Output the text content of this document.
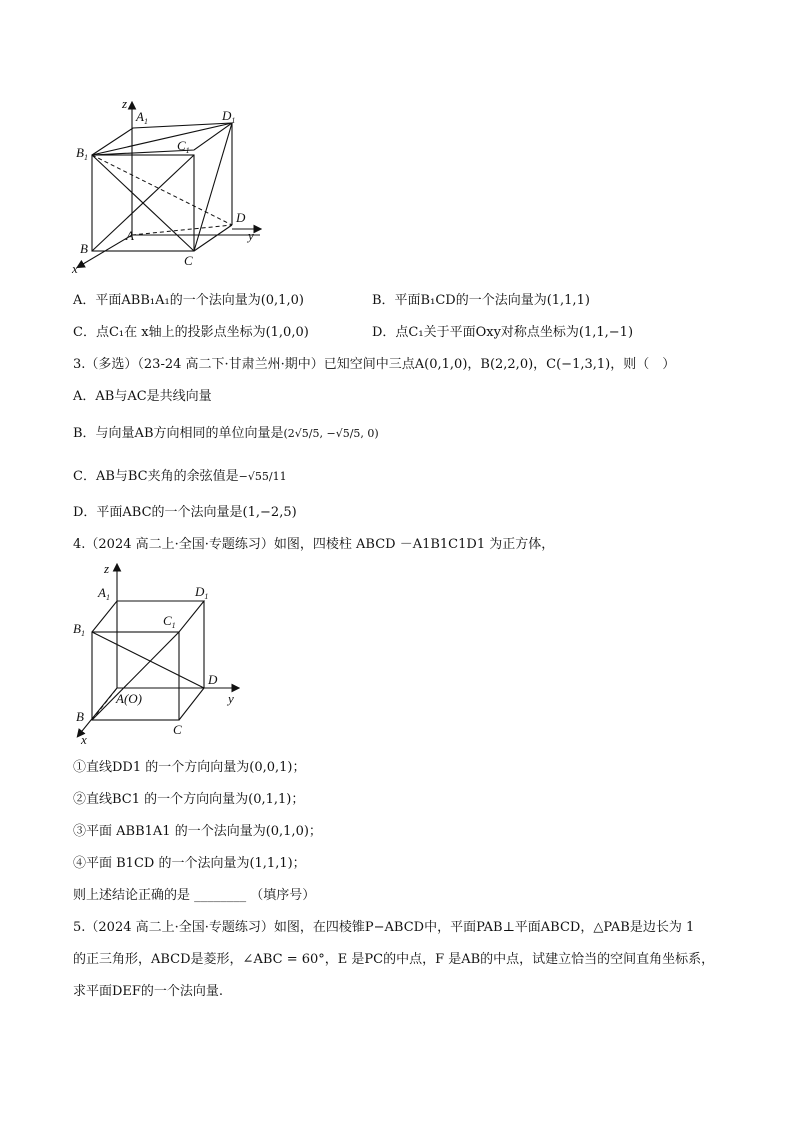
z
$A_1$	$D_1$
$B_1$
$C_1$
D
y
A
B
C
x
A．平面ABB₁A₁的一个法向量为(0,1,0)	B．平面B₁CD的一个法向量为(1,1,1)
C．点C₁在 x轴上的投影点坐标为(1,0,0)	D．点C₁关于平面Oxy对称点坐标为(1,1,−1)
3.（多选）（23-24 高二下·甘肃兰州·期中）已知空间中三点A(0,1,0)，B(2,2,0)，C(−1,3,1)，则（　）
A．AB与AC是共线向量
B．与向量AB方向相同的单位向量是(2√5/5, −√5/5, 0)
C．AB与BC夹角的余弦值是−√55/11
D．平面ABC的一个法向量是(1,−2,5)
4.（2024 高二上·全国·专题练习）如图，四棱柱 ABCD －A1B1C1D1 为正方体，
z
$A_1$	$D_1$
$B_1$
$C_1$
D
A(O)	y
B
C
x
①直线DD1 的一个方向向量为(0,0,1)；
②直线BC1 的一个方向向量为(0,1,1)；
③平面 ABB1A1 的一个法向量为(0,1,0)；
④平面 B1CD 的一个法向量为(1,1,1)；
则上述结论正确的是 ________ （填序号）
5.（2024 高二上·全国·专题练习）如图，在四棱锥P−ABCD中，平面PAB⊥平面ABCD，△PAB是边长为 1
的正三角形，ABCD是菱形，∠ABC = 60°，E 是PC的中点，F 是AB的中点，试建立恰当的空间直角坐标系，
求平面DEF的一个法向量.
